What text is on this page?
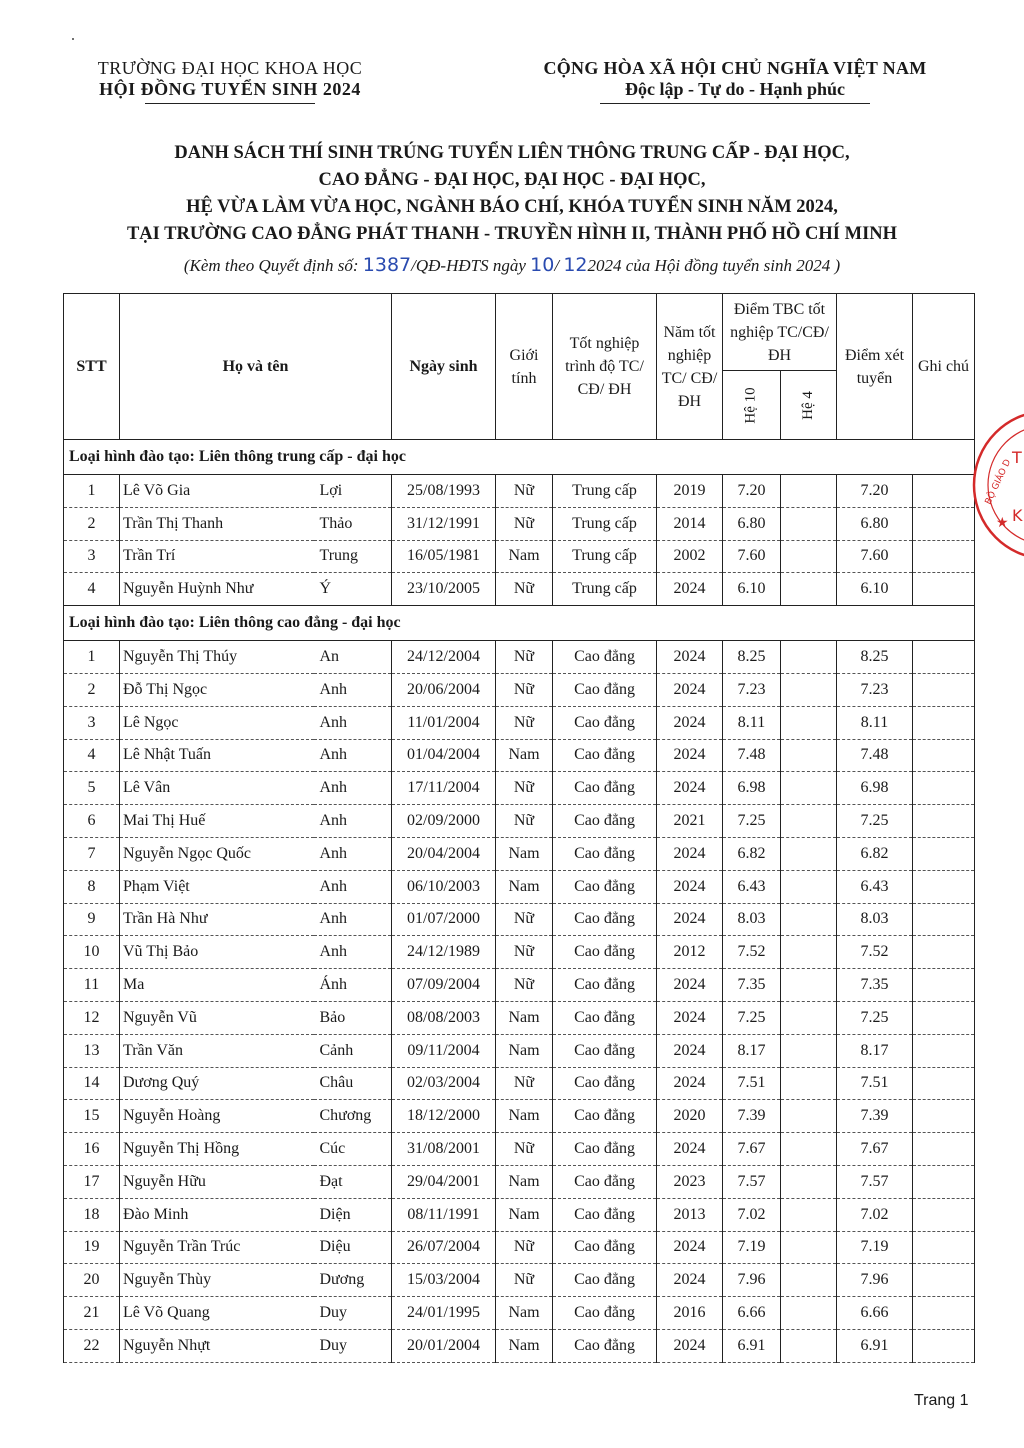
TRƯỜNG ĐẠI HỌC KHOA HỌC
HỘI ĐỒNG TUYỂN SINH 2024
CỘNG HÒA XÃ HỘI CHỦ NGHĨA VIỆT NAM
Độc lập - Tự do - Hạnh phúc
DANH SÁCH THÍ SINH TRÚNG TUYỂN LIÊN THÔNG TRUNG CẤP - ĐẠI HỌC,
CAO ĐẲNG - ĐẠI HỌC, ĐẠI HỌC - ĐẠI HỌC,
HỆ VỪA LÀM VỪA HỌC, NGÀNH BÁO CHÍ, KHÓA TUYỂN SINH NĂM 2024,
TẠI TRƯỜNG CAO ĐẲNG PHÁT THANH - TRUYỀN HÌNH II, THÀNH PHỐ HỒ CHÍ MINH
(Kèm theo Quyết định số: 1387/QĐ-HĐTS ngày 10/ 122024 của Hội đồng tuyển sinh 2024 )
STT	Họ và tên		Ngày sinh	Giới tính	Tốt nghiệp trình độ TC/ CĐ/ ĐH	Năm tốt nghiệp TC/ CĐ/ ĐH	Điểm TBC tốt nghiệp TC/CĐ/ĐH		Điểm xét tuyển	Ghi chú
							Hệ 10	Hệ 4		
Loại hình đào tạo: Liên thông trung cấp - đại học										
1	Lê Võ Gia	Lợi	25/08/1993	Nữ	Trung cấp	2019	7.20		7.20	
2	Trần Thị Thanh	Thảo	31/12/1991	Nữ	Trung cấp	2014	6.80		6.80	
3	Trần Trí	Trung	16/05/1981	Nam	Trung cấp	2002	7.60		7.60	
4	Nguyễn Huỳnh Như	Ý	23/10/2005	Nữ	Trung cấp	2024	6.10		6.10	
Loại hình đào tạo: Liên thông cao đẳng - đại học										
1	Nguyễn Thị Thúy	An	24/12/2004	Nữ	Cao đẳng	2024	8.25		8.25	
2	Đỗ Thị Ngọc	Anh	20/06/2004	Nữ	Cao đẳng	2024	7.23		7.23	
3	Lê Ngọc	Anh	11/01/2004	Nữ	Cao đẳng	2024	8.11		8.11	
4	Lê Nhật Tuấn	Anh	01/04/2004	Nam	Cao đẳng	2024	7.48		7.48	
5	Lê Vân	Anh	17/11/2004	Nữ	Cao đẳng	2024	6.98		6.98	
6	Mai Thị Huế	Anh	02/09/2000	Nữ	Cao đẳng	2021	7.25		7.25	
7	Nguyễn Ngọc Quốc	Anh	20/04/2004	Nam	Cao đẳng	2024	6.82		6.82	
8	Phạm Việt	Anh	06/10/2003	Nam	Cao đẳng	2024	6.43		6.43	
9	Trần Hà Như	Anh	01/07/2000	Nữ	Cao đẳng	2024	8.03		8.03	
10	Vũ Thị Bảo	Anh	24/12/1989	Nữ	Cao đẳng	2012	7.52		7.52	
11	Ma	Ánh	07/09/2004	Nữ	Cao đẳng	2024	7.35		7.35	
12	Nguyễn Vũ	Bảo	08/08/2003	Nam	Cao đẳng	2024	7.25		7.25	
13	Trần Văn	Cảnh	09/11/2004	Nam	Cao đẳng	2024	8.17		8.17	
14	Dương Quý	Châu	02/03/2004	Nữ	Cao đẳng	2024	7.51		7.51	
15	Nguyễn Hoàng	Chương	18/12/2000	Nam	Cao đẳng	2020	7.39		7.39	
16	Nguyễn Thị Hồng	Cúc	31/08/2001	Nữ	Cao đẳng	2024	7.67		7.67	
17	Nguyễn Hữu	Đạt	29/04/2001	Nam	Cao đẳng	2023	7.57		7.57	
18	Đào Minh	Diện	08/11/1991	Nam	Cao đẳng	2013	7.02		7.02	
19	Nguyễn Trần Trúc	Diệu	26/07/2004	Nữ	Cao đẳng	2024	7.19		7.19	
20	Nguyễn Thùy	Dương	15/03/2004	Nữ	Cao đẳng	2024	7.96		7.96	
21	Lê Võ Quang	Duy	24/01/1995	Nam	Cao đẳng	2016	6.66		6.66	
22	Nguyễn Nhựt	Duy	20/01/2004	Nam	Cao đẳng	2024	6.91		6.91	
BỘ GIÁO D
★
T
K
Trang 1
